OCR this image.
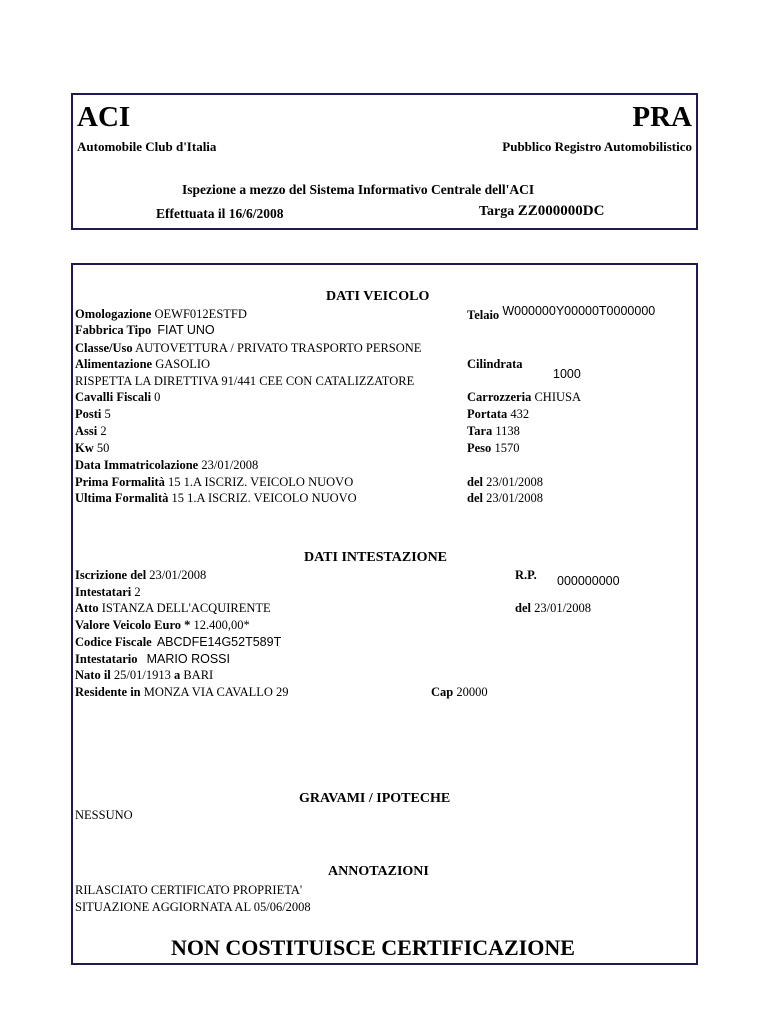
ACI	PRA
Automobile Club d'Italia	Pubblico Registro Automobilistico
Ispezione a mezzo del Sistema Informativo Centrale dell'ACI
Effettuata il 16/6/2008	Targa ZZ000000DC
DATI VEICOLO
Omologazione OEWF012ESTFD	Telaio W000000Y00000T0000000
Fabbrica Tipo FIAT UNO
Classe/Uso AUTOVETTURA / PRIVATO TRASPORTO PERSONE
Alimentazione GASOLIO	Cilindrata
1000
RISPETTA LA DIRETTIVA 91/441 CEE CON CATALIZZATORE
Cavalli Fiscali 0	Carrozzeria CHIUSA
Posti 5	Portata 432
Assi 2	Tara 1138
Kw 50	Peso 1570
Data Immatricolazione 23/01/2008
Prima Formalità 15 1.A ISCRIZ. VEICOLO NUOVO	del 23/01/2008
Ultima Formalità 15 1.A ISCRIZ. VEICOLO NUOVO	del 23/01/2008
DATI INTESTAZIONE
Iscrizione del 23/01/2008	R.P. 000000000
Intestatari 2
Atto ISTANZA DELL'ACQUIRENTE	del 23/01/2008
Valore Veicolo Euro * 12.400,00*
Codice Fiscale ABCDFE14G52T589T
Intestatario MARIO ROSSI
Nato il 25/01/1913 a BARI
Residente in MONZA VIA CAVALLO 29	Cap 20000
GRAVAMI / IPOTECHE
NESSUNO
ANNOTAZIONI
RILASCIATO CERTIFICATO PROPRIETA'
SITUAZIONE AGGIORNATA AL 05/06/2008
NON COSTITUISCE CERTIFICAZIONE
